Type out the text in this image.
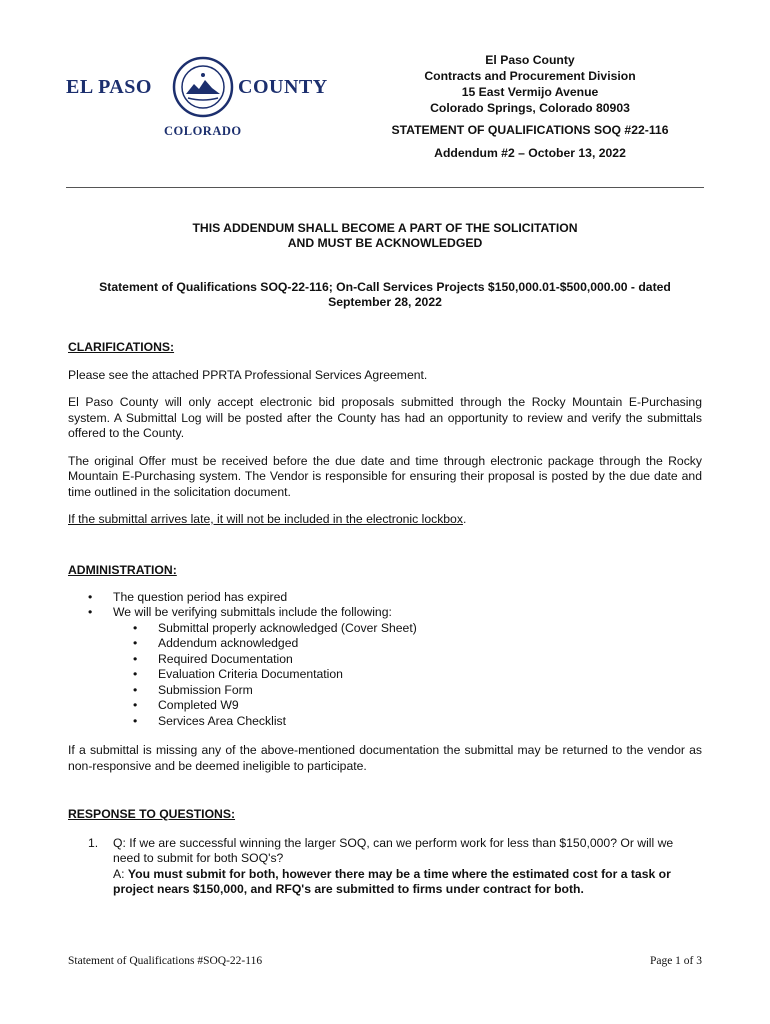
EL PASO	COUNTY
COLORADO
El Paso County
Contracts and Procurement Division
15 East Vermijo Avenue
Colorado Springs, Colorado 80903
STATEMENT OF QUALIFICATIONS SOQ #22-116
Addendum #2 – October 13, 2022
THIS ADDENDUM SHALL BECOME A PART OF THE SOLICITATION
AND MUST BE ACKNOWLEDGED
Statement of Qualifications SOQ-22-116; On-Call Services Projects $150,000.01-$500,000.00 - dated
September 28, 2022
CLARIFICATIONS:

Please see the attached PPRTA Professional Services Agreement.

El Paso County will only accept electronic bid proposals submitted through the Rocky Mountain E-Purchasing system. A Submittal Log will be posted after the County has had an opportunity to review and verify the submittals offered to the County.

The original Offer must be received before the due date and time through electronic package through the Rocky Mountain E-Purchasing system. The Vendor is responsible for ensuring their proposal is posted by the due date and time outlined in the solicitation document.

If the submittal arrives late, it will not be included in the electronic lockbox.

ADMINISTRATION:
• The question period has expired
• We will be verifying submittals include the following:
• Submittal properly acknowledged (Cover Sheet)
• Addendum acknowledged
• Required Documentation
• Evaluation Criteria Documentation
• Submission Form
• Completed W9
• Services Area Checklist

If a submittal is missing any of the above-mentioned documentation the submittal may be returned to the vendor as non-responsive and be deemed ineligible to participate.

RESPONSE TO QUESTIONS:
1. Q: If we are successful winning the larger SOQ, can we perform work for less than $150,000? Or will we need to submit for both SOQ's?
A: You must submit for both, however there may be a time where the estimated cost for a task or project nears $150,000, and RFQ's are submitted to firms under contract for both.
Statement of Qualifications #SOQ-22-116	Page 1 of 3
